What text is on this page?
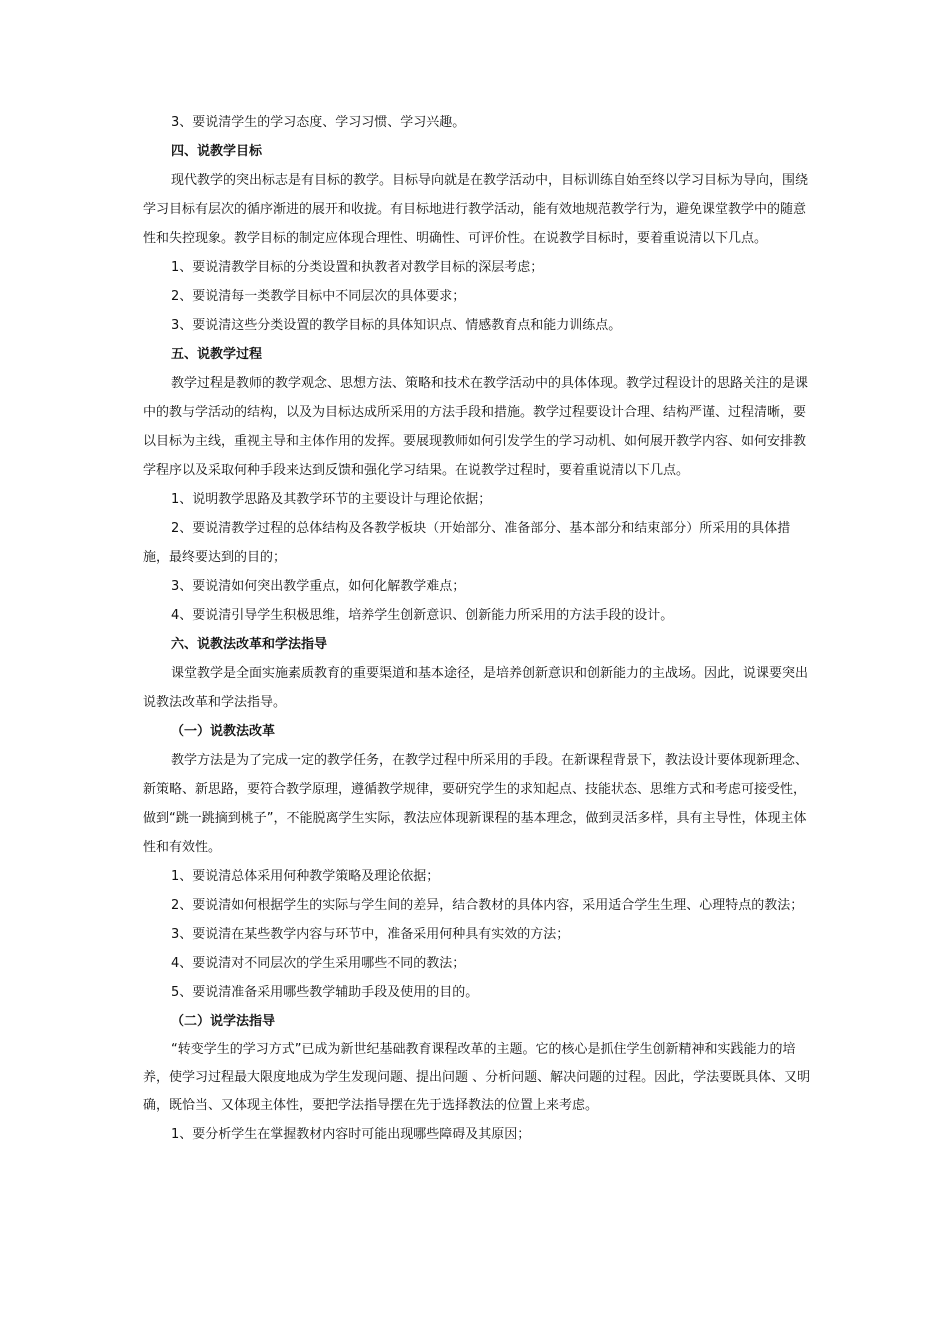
3、要说清学生的学习态度、学习习惯、学习兴趣。

四、说教学目标

现代教学的突出标志是有目标的教学。目标导向就是在教学活动中，目标训练自始至终以学习目标为导向，围绕学习目标有层次的循序渐进的展开和收拢。有目标地进行教学活动，能有效地规范教学行为，避免课堂教学中的随意性和失控现象。教学目标的制定应体现合理性、明确性、可评价性。在说教学目标时，要着重说清以下几点。

1、要说清教学目标的分类设置和执教者对教学目标的深层考虑；

2、要说清每一类教学目标中不同层次的具体要求；

3、要说清这些分类设置的教学目标的具体知识点、情感教育点和能力训练点。

五、说教学过程

教学过程是教师的教学观念、思想方法、策略和技术在教学活动中的具体体现。教学过程设计的思路关注的是课中的教与学活动的结构，以及为目标达成所采用的方法手段和措施。教学过程要设计合理、结构严谨、过程清晰，要以目标为主线，重视主导和主体作用的发挥。要展现教师如何引发学生的学习动机、如何展开教学内容、如何安排教学程序以及采取何种手段来达到反馈和强化学习结果。在说教学过程时，要着重说清以下几点。

1、说明教学思路及其教学环节的主要设计与理论依据；

2、要说清教学过程的总体结构及各教学板块（开始部分、准备部分、基本部分和结束部分）所采用的具体措施，最终要达到的目的；

3、要说清如何突出教学重点，如何化解教学难点；

4、要说清引导学生积极思维，培养学生创新意识、创新能力所采用的方法手段的设计。

六、说教法改革和学法指导

课堂教学是全面实施素质教育的重要渠道和基本途径，是培养创新意识和创新能力的主战场。因此，说课要突出说教法改革和学法指导。

（一）说教法改革

教学方法是为了完成一定的教学任务，在教学过程中所采用的手段。在新课程背景下，教法设计要体现新理念、新策略、新思路，要符合教学原理，遵循教学规律，要研究学生的求知起点、技能状态、思维方式和考虑可接受性，做到“跳一跳摘到桃子”，不能脱离学生实际，教法应体现新课程的基本理念，做到灵活多样，具有主导性，体现主体性和有效性。

1、要说清总体采用何种教学策略及理论依据；

2、要说清如何根据学生的实际与学生间的差异，结合教材的具体内容，采用适合学生生理、心理特点的教法；

3、要说清在某些教学内容与环节中，准备采用何种具有实效的方法；

4、要说清对不同层次的学生采用哪些不同的教法；

5、要说清准备采用哪些教学辅助手段及使用的目的。

（二）说学法指导

“转变学生的学习方式”已成为新世纪基础教育课程改革的主题。它的核心是抓住学生创新精神和实践能力的培养，使学习过程最大限度地成为学生发现问题、提出问题 、分析问题、解决问题的过程。因此，学法要既具体、又明确，既恰当、又体现主体性，要把学法指导摆在先于选择教法的位置上来考虑。

1、要分析学生在掌握教材内容时可能出现哪些障碍及其原因；
